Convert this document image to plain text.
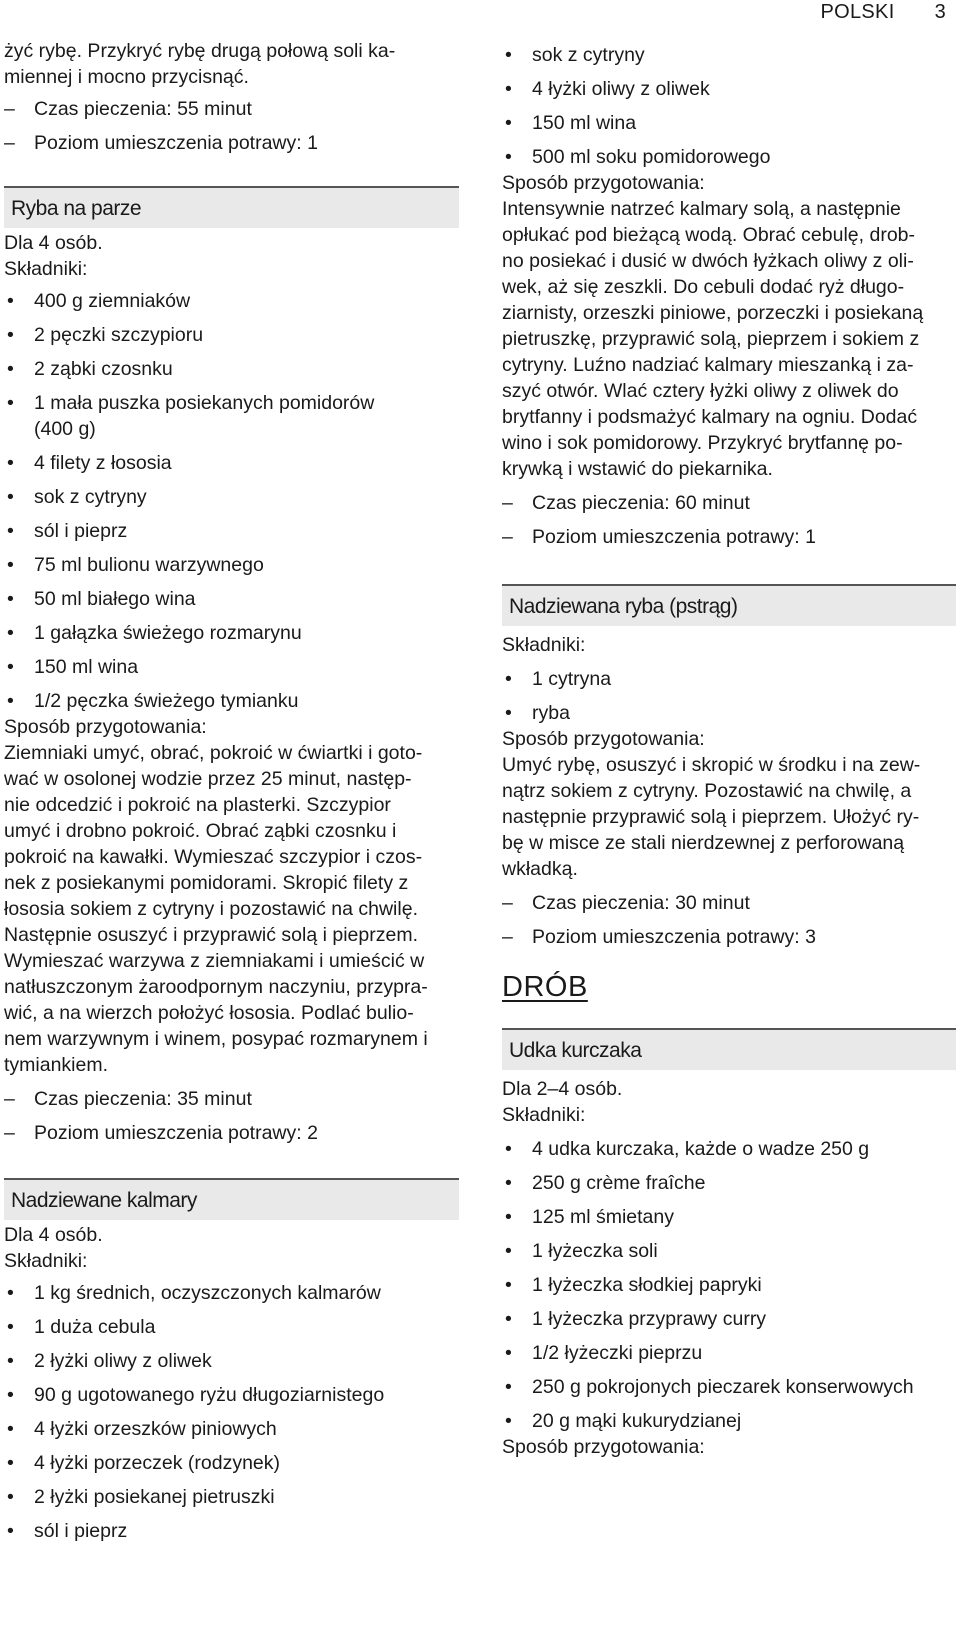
POLSKI 3

żyć rybę. Przykryć rybę drugą połową soli ka-

miennej i mocno przycisnąć.

– Czas pieczenia: 55 minut
– Poziom umieszczenia potrawy: 1
Ryba na parze

Dla 4 osób.

Składniki:

•	400 g ziemniaków
•	2 pęczki szczypioru
•	2 ząbki czosnku
•	1 mała puszka posiekanych pomidorów (400 g)
•	4 filety z łososia
•	sok z cytryny
•	sól i pieprz
•	75 ml bulionu warzywnego
•	50 ml białego wina
•	1 gałązka świeżego rozmarynu
•	150 ml wina
•	1/2 pęczka świeżego tymianku

Sposób przygotowania:

Ziemniaki umyć, obrać, pokroić w ćwiartki i goto-

wać w osolonej wodzie przez 25 minut, następ-

nie odcedzić i pokroić na plasterki. Szczypior

umyć i drobno pokroić. Obrać ząbki czosnku i

pokroić na kawałki. Wymieszać szczypior i czos-

nek z posiekanymi pomidorami. Skropić filety z

łososia sokiem z cytryny i pozostawić na chwilę.

Następnie osuszyć i przyprawić solą i pieprzem.

Wymieszać warzywa z ziemniakami i umieścić w

natłuszczonym żaroodpornym naczyniu, przypra-

wić, a na wierzch położyć łososia. Podlać bulio-

nem warzywnym i winem, posypać rozmarynem i

tymiankiem.

– Czas pieczenia: 35 minut
– Poziom umieszczenia potrawy: 2
Nadziewane kalmary

Dla 4 osób.

Składniki:

•	1 kg średnich, oczyszczonych kalmarów
•	1 duża cebula
•	2 łyżki oliwy z oliwek
•	90 g ugotowanego ryżu długoziarnistego
•	4 łyżki orzeszków piniowych
•	4 łyżki porzeczek (rodzynek)
•	2 łyżki posiekanej pietruszki
•	sól i pieprz
•	sok z cytryny
•	4 łyżki oliwy z oliwek
•	150 ml wina
•	500 ml soku pomidorowego

Sposób przygotowania:

Intensywnie natrzeć kalmary solą, a następnie

opłukać pod bieżącą wodą. Obrać cebulę, drob-

no posiekać i dusić w dwóch łyżkach oliwy z oli-

wek, aż się zeszkli. Do cebuli dodać ryż długo-

ziarnisty, orzeszki piniowe, porzeczki i posiekaną

pietruszkę, przyprawić solą, pieprzem i sokiem z

cytryny. Luźno nadziać kalmary mieszanką i za-

szyć otwór. Wlać cztery łyżki oliwy z oliwek do

brytfanny i podsmażyć kalmary na ogniu. Dodać

wino i sok pomidorowy. Przykryć brytfannę po-

krywką i wstawić do piekarnika.

– Czas pieczenia: 60 minut
– Poziom umieszczenia potrawy: 1
Nadziewana ryba (pstrąg)

Składniki:

•	1 cytryna
•	ryba

Sposób przygotowania:

Umyć rybę, osuszyć i skropić w środku i na zew-

nątrz sokiem z cytryny. Pozostawić na chwilę, a

następnie przyprawić solą i pieprzem. Ułożyć ry-

bę w misce ze stali nierdzewnej z perforowaną

wkładką.

– Czas pieczenia: 30 minut
– Poziom umieszczenia potrawy: 3
DRÓB
Udka kurczaka

Dla 2–4 osób.

Składniki:

•	4 udka kurczaka, każde o wadze 250 g
•	250 g crème fraîche
•	125 ml śmietany
•	1 łyżeczka soli
•	1 łyżeczka słodkiej papryki
•	1 łyżeczka przyprawy curry
•	1/2 łyżeczki pieprzu
•	250 g pokrojonych pieczarek konserwowych
•	20 g mąki kukurydzianej

Sposób przygotowania:
